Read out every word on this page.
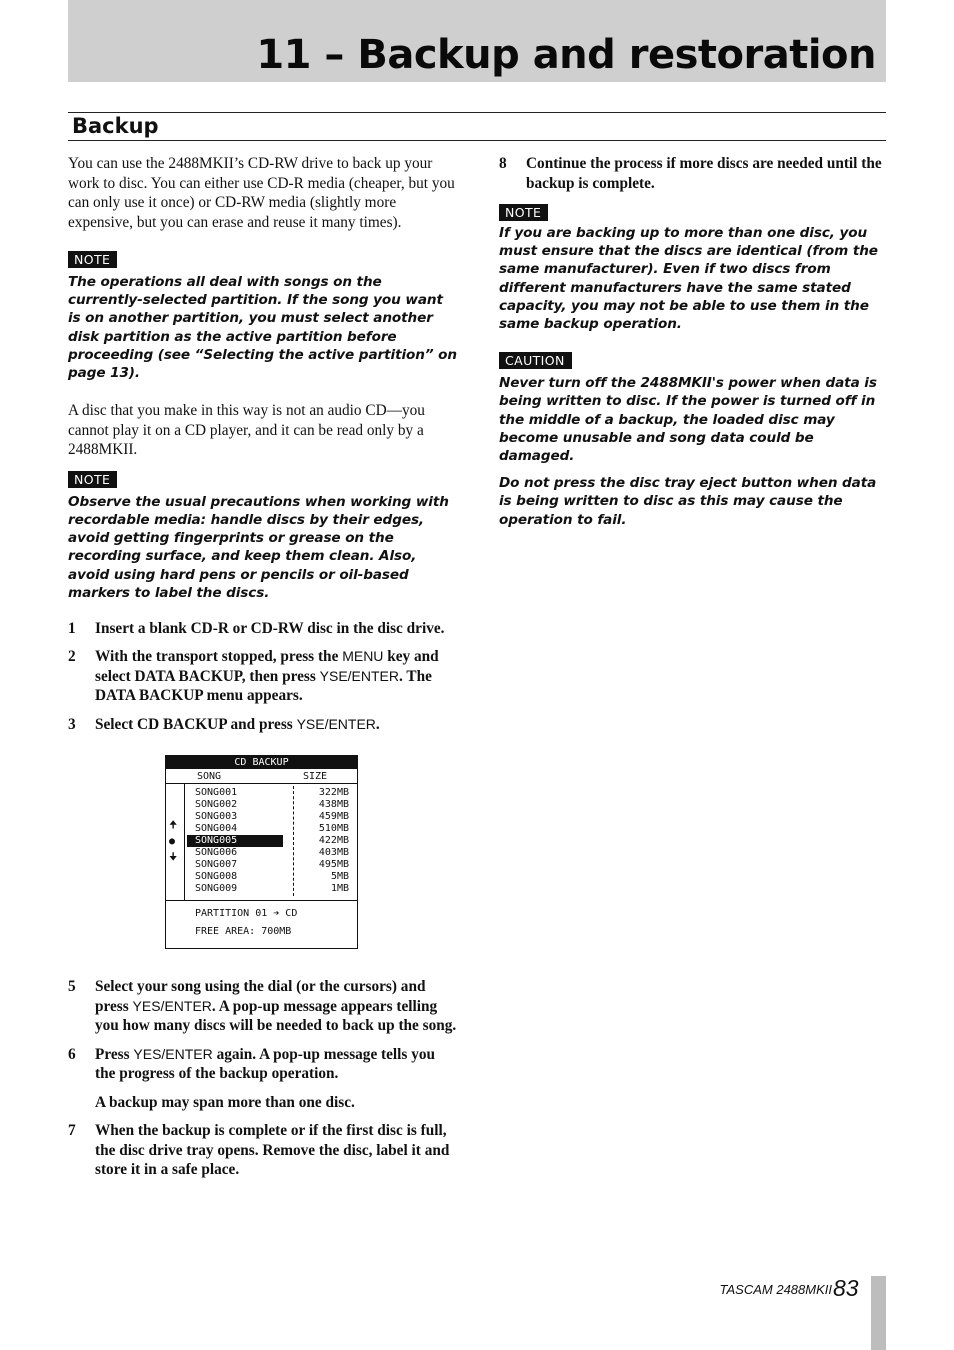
11 – Backup and restoration
Backup

You can use the 2488MKII’s CD-RW drive to back up your work to disc. You can either use CD-R media (cheaper, but you can only use it once) or CD-RW media (slightly more expensive, but you can erase and reuse it many times).

NOTE

The operations all deal with songs on the currently-selected partition. If the song you want is on another partition, you must select another disk partition as the active partition before proceeding (see “Selecting the active partition” on page 13).

A disc that you make in this way is not an audio CD—you cannot play it on a CD player, and it can be read only by a 2488MKII.

NOTE

Observe the usual precautions when working with recordable media: handle discs by their edges, avoid getting fingerprints or grease on the recording surface, and keep them clean. Also, avoid using hard pens or pencils or oil-based markers to label the discs.

1	Insert a blank CD-R or CD-RW disc in the disc drive.
2	With the transport stopped, press the MENU key and select DATA BACKUP, then press YSE/ENTER. The DATA BACKUP menu appears.
3	Select CD BACKUP and press YSE/ENTER.
CD BACKUP
SONG	SIZE
🠉
●
🠋
SONG001	322MB
SONG002	438MB
SONG003	459MB
SONG004	510MB
SONG005	422MB
SONG006	403MB
SONG007	495MB
SONG008	5MB
SONG009	1MB
PARTITION 01 ➔ CD
FREE AREA: 700MB
5	Select your song using the dial (or the cursors) and press YES/ENTER. A pop-up message appears telling you how many discs will be needed to back up the song.
6	Press YES/ENTER again. A pop-up message tells you the progress of the backup operation.

A backup may span more than one disc.

7	When the backup is complete or if the first disc is full, the disc drive tray opens. Remove the disc, label it and store it in a safe place.
8	Continue the process if more discs are needed until the backup is complete.
NOTE

If you are backing up to more than one disc, you must ensure that the discs are identical (from the same manufacturer). Even if two discs from different manufacturers have the same stated capacity, you may not be able to use them in the same backup operation.

CAUTION

Never turn off the 2488MKII's power when data is being written to disc. If the power is turned off in the middle of a backup, the loaded disc may become unusable and song data could be damaged.

Do not press the disc tray eject button when data is being written to disc as this may cause the operation to fail.

TASCAM 2488MKII 83
